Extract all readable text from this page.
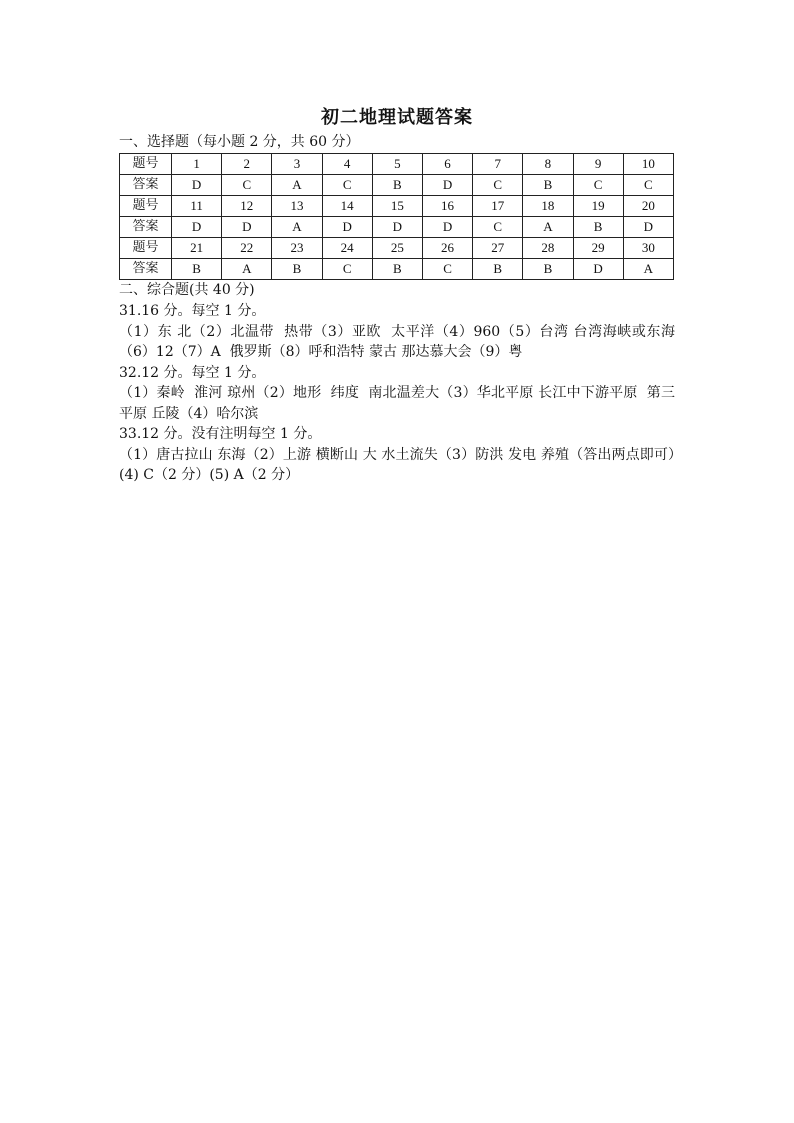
初二地理试题答案

一、选择题（每小题 2 分，共 60 分）

题号	1	2	3	4	5	6	7	8	9	10
答案	D	C	A	C	B	D	C	B	C	C
题号	11	12	13	14	15	16	17	18	19	20
答案	D	D	A	D	D	D	C	A	B	D
题号	21	22	23	24	25	26	27	28	29	30
答案	B	A	B	C	B	C	B	B	D	A

二、综合题(共 40 分)

31.16 分。每空 1 分。

（1）东 北（2）北温带  热带（3）亚欧  太平洋（4）960（5）台湾 台湾海峡或东海（6）12（7）A  俄罗斯（8）呼和浩特 蒙古 那达慕大会（9）粤

32.12 分。每空 1 分。

（1）秦岭  淮河 琼州（2）地形  纬度  南北温差大（3）华北平原 长江中下游平原  第三 平原 丘陵（4）哈尔滨

33.12 分。没有注明每空 1 分。

（1）唐古拉山 东海（2）上游 横断山 大 水土流失（3）防洪 发电 养殖（答出两点即可）(4) C（2 分）(5) A（2 分）
